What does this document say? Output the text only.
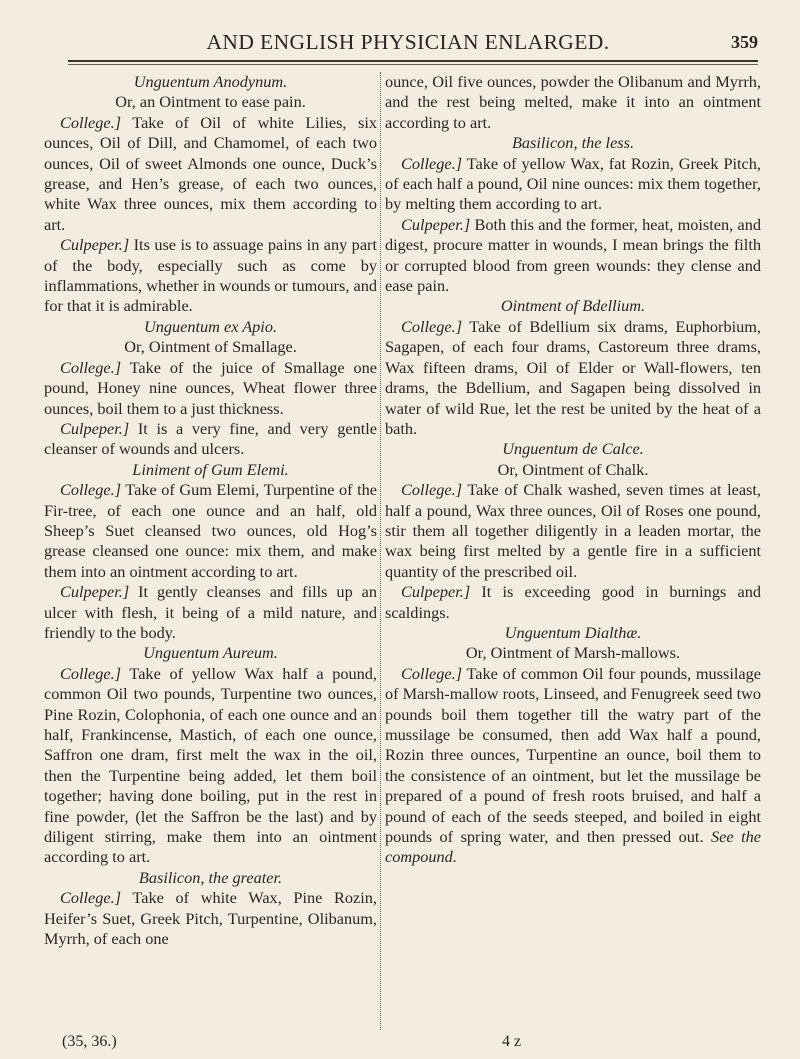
AND ENGLISH PHYSICIAN ENLARGED.	359

Unguentum Anodynum.

Or, an Ointment to ease pain.

College.] Take of Oil of white Lilies, six ounces, Oil of Dill, and Chamomel, of each two ounces, Oil of sweet Almonds one ounce, Duck’s grease, and Hen’s grease, of each two ounces, white Wax three ounces, mix them according to art.

Culpeper.] Its use is to assuage pains in any part of the body, especially such as come by inflammations, whether in wounds or tumours, and for that it is admirable.

Unguentum ex Apio.

Or, Ointment of Smallage.

College.] Take of the juice of Smallage one pound, Honey nine ounces, Wheat flower three ounces, boil them to a just thickness.

Culpeper.] It is a very fine, and very gentle cleanser of wounds and ulcers.

Liniment of Gum Elemi.

College.] Take of Gum Elemi, Turpentine of the Fir-tree, of each one ounce and an half, old Sheep’s Suet cleansed two ounces, old Hog’s grease cleansed one ounce: mix them, and make them into an ointment according to art.

Culpeper.] It gently cleanses and fills up an ulcer with flesh, it being of a mild nature, and friendly to the body.

Unguentum Aureum.

College.] Take of yellow Wax half a pound, common Oil two pounds, Turpentine two ounces, Pine Rozin, Colophonia, of each one ounce and an half, Frankincense, Mastich, of each one ounce, Saffron one dram, first melt the wax in the oil, then the Turpentine being added, let them boil together; having done boiling, put in the rest in fine powder, (let the Saffron be the last) and by diligent stirring, make them into an ointment according to art.

Basilicon, the greater.

College.] Take of white Wax, Pine Rozin, Heifer’s Suet, Greek Pitch, Turpentine, Olibanum, Myrrh, of each one

ounce, Oil five ounces, powder the Olibanum and Myrrh, and the rest being melted, make it into an ointment according to art.

Basilicon, the less.

College.] Take of yellow Wax, fat Rozin, Greek Pitch, of each half a pound, Oil nine ounces: mix them together, by melting them according to art.

Culpeper.] Both this and the former, heat, moisten, and digest, procure matter in wounds, I mean brings the filth or corrupted blood from green wounds: they clense and ease pain.

Ointment of Bdellium.

College.] Take of Bdellium six drams, Euphorbium, Sagapen, of each four drams, Castoreum three drams, Wax fifteen drams, Oil of Elder or Wall-flowers, ten drams, the Bdellium, and Sagapen being dissolved in water of wild Rue, let the rest be united by the heat of a bath.

Unguentum de Calce.

Or, Ointment of Chalk.

College.] Take of Chalk washed, seven times at least, half a pound, Wax three ounces, Oil of Roses one pound, stir them all together diligently in a leaden mortar, the wax being first melted by a gentle fire in a sufficient quantity of the prescribed oil.

Culpeper.] It is exceeding good in burnings and scaldings.

Unguentum Dialthæ.

Or, Ointment of Marsh-mallows.

College.] Take of common Oil four pounds, mussilage of Marsh-mallow roots, Linseed, and Fenugreek seed two pounds boil them together till the watry part of the mussilage be consumed, then add Wax half a pound, Rozin three ounces, Turpentine an ounce, boil them to the consistence of an ointment, but let the mussilage be prepared of a pound of fresh roots bruised, and half a pound of each of the seeds steeped, and boiled in eight pounds of spring water, and then pressed out. See the compound.

(35, 36.)	4 z
